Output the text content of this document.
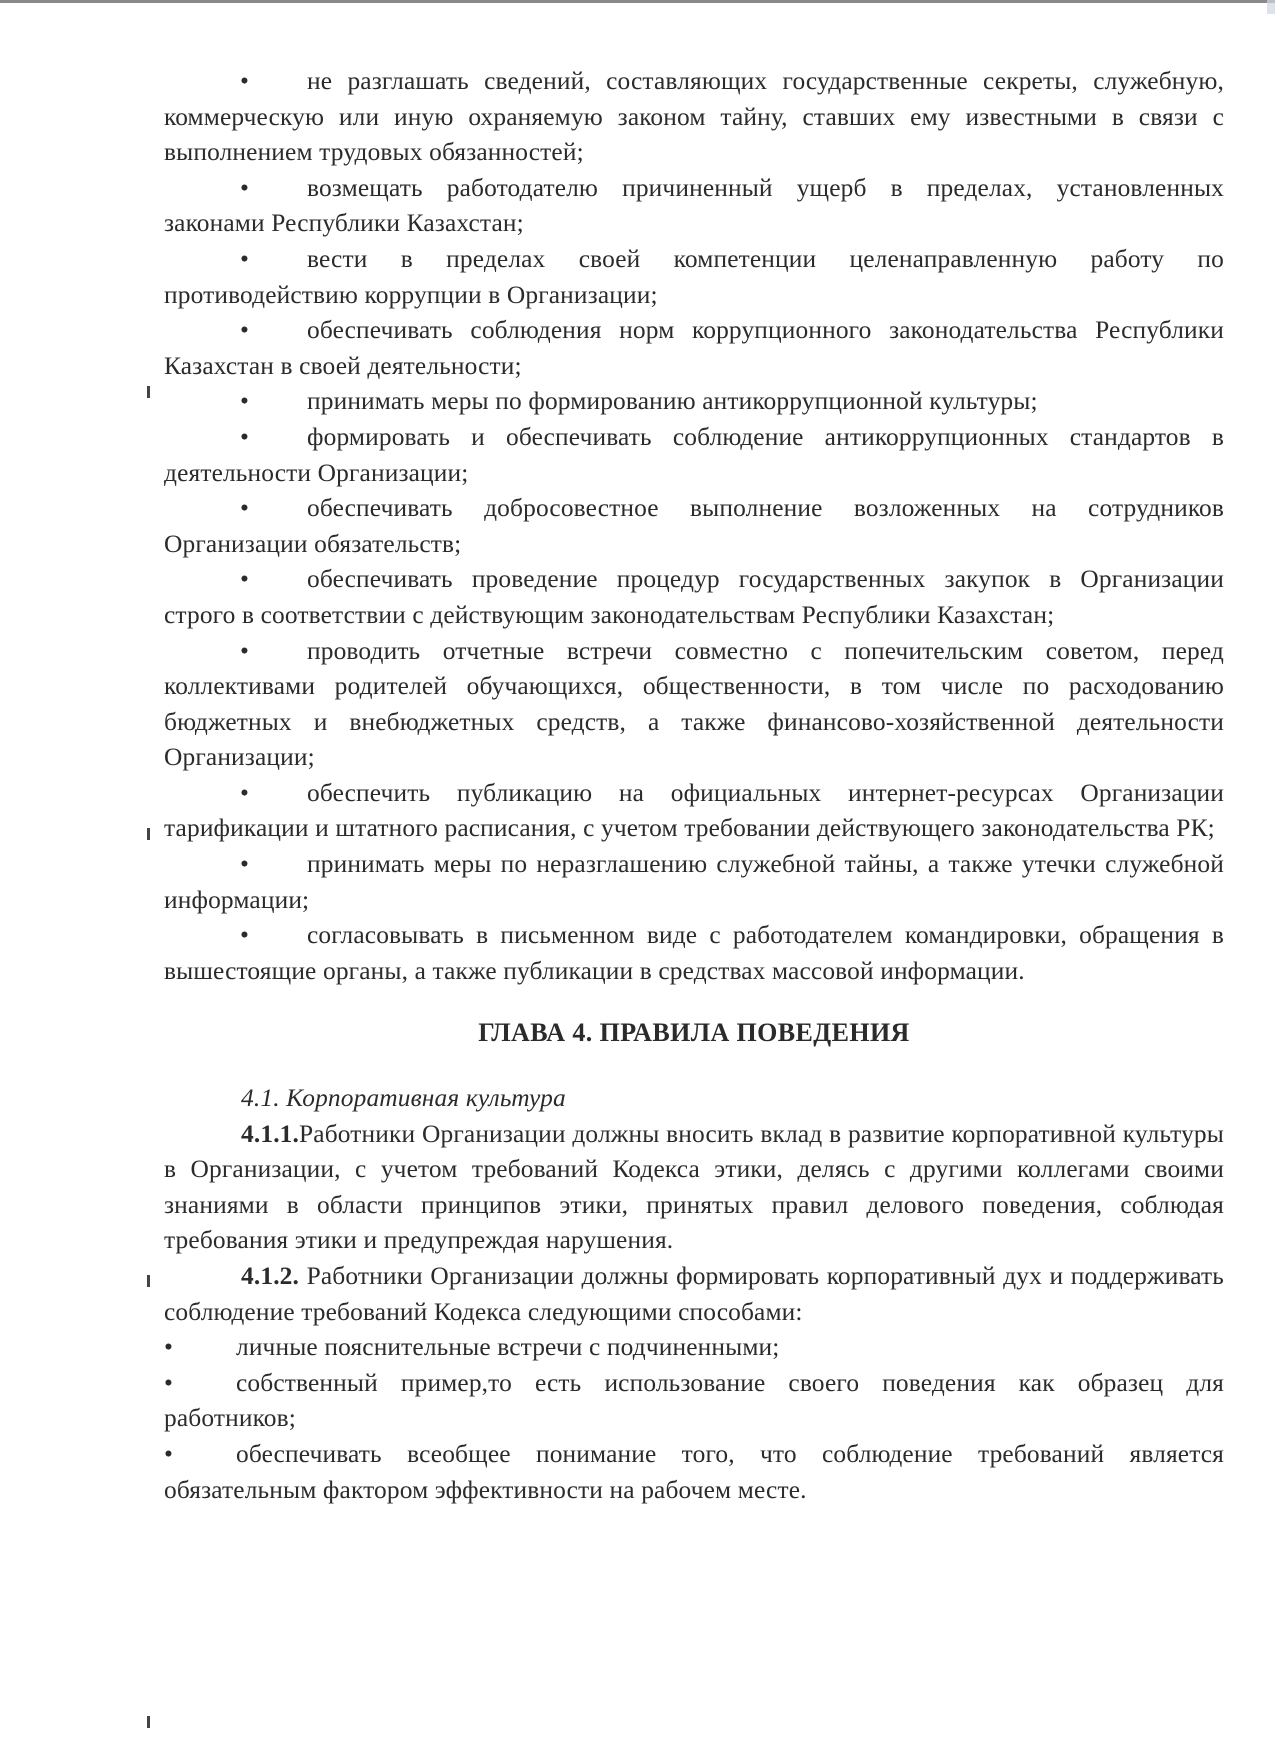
• не разглашать сведений, составляющих государственные секреты, служебную, коммерческую или иную охраняемую законом тайну, ставших ему известными в связи с выполнением трудовых обязанностей;

• возмещать работодателю причиненный ущерб в пределах, установленных законами Республики Казахстан;

• вести в пределах своей компетенции целенаправленную работу по противодействию коррупции в Организации;

• обеспечивать соблюдения норм коррупционного законодательства Республики Казахстан в своей деятельности;

• принимать меры по формированию антикоррупционной культуры;

• формировать и обеспечивать соблюдение антикоррупционных стандартов в деятельности Организации;

• обеспечивать добросовестное выполнение возложенных на сотрудников Организации обязательств;

• обеспечивать проведение процедур государственных закупок в Организации строго в соответствии с действующим законодательствам Республики Казахстан;

• проводить отчетные встречи совместно с попечительским советом, перед коллективами родителей обучающихся, общественности, в том числе по расходованию бюджетных и внебюджетных средств, а также финансово-хозяйственной деятельности Организации;

• обеспечить публикацию на официальных интернет-ресурсах Организации тарификации и штатного расписания, с учетом требовании действующего законодательства РК;

• принимать меры по неразглашению служебной тайны, а также утечки служебной информации;

• согласовывать в письменном виде с работодателем командировки, обращения в вышестоящие органы, а также публикации в средствах массовой информации.

ГЛАВА 4. ПРАВИЛА ПОВЕДЕНИЯ

4.1. Корпоративная культура

4.1.1.Работники Организации должны вносить вклад в развитие корпоративной культуры в Организации, с учетом требований Кодекса этики, делясь с другими коллегами своими знаниями в области принципов этики, принятых правил делового поведения, соблюдая требования этики и предупреждая нарушения.

4.1.2. Работники Организации должны формировать корпоративный дух и поддерживать соблюдение требований Кодекса следующими способами:

• личные пояснительные встречи с подчиненными;

• собственный пример,то есть использование своего поведения как образец для работников;

• обеспечивать всеобщее понимание того, что соблюдение требований является обязательным фактором эффективности на рабочем месте.
